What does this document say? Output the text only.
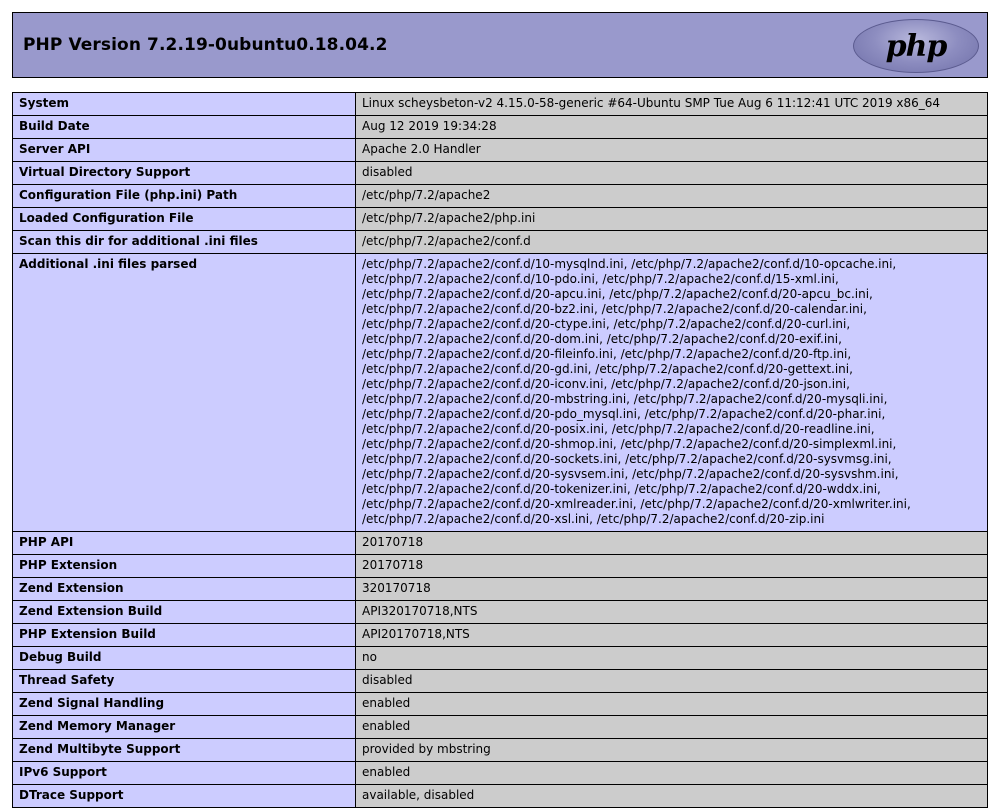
PHP Version 7.2.19-0ubuntu0.18.04.2	php
System	Linux scheysbeton-v2 4.15.0-58-generic #64-Ubuntu SMP Tue Aug 6 11:12:41 UTC 2019 x86_64
Build Date	Aug 12 2019 19:34:28
Server API	Apache 2.0 Handler
Virtual Directory Support	disabled
Configuration File (php.ini) Path	/etc/php/7.2/apache2
Loaded Configuration File	/etc/php/7.2/apache2/php.ini
Scan this dir for additional .ini files	/etc/php/7.2/apache2/conf.d
Additional .ini files parsed	/etc/php/7.2/apache2/conf.d/10-mysqlnd.ini, /etc/php/7.2/apache2/conf.d/10-opcache.ini, /etc/php/7.2/apache2/conf.d/10-pdo.ini, /etc/php/7.2/apache2/conf.d/15-xml.ini, /etc/php/7.2/apache2/conf.d/20-apcu.ini, /etc/php/7.2/apache2/conf.d/20-apcu_bc.ini, /etc/php/7.2/apache2/conf.d/20-bz2.ini, /etc/php/7.2/apache2/conf.d/20-calendar.ini, /etc/php/7.2/apache2/conf.d/20-ctype.ini, /etc/php/7.2/apache2/conf.d/20-curl.ini, /etc/php/7.2/apache2/conf.d/20-dom.ini, /etc/php/7.2/apache2/conf.d/20-exif.ini, /etc/php/7.2/apache2/conf.d/20-fileinfo.ini, /etc/php/7.2/apache2/conf.d/20-ftp.ini, /etc/php/7.2/apache2/conf.d/20-gd.ini, /etc/php/7.2/apache2/conf.d/20-gettext.ini, /etc/php/7.2/apache2/conf.d/20-iconv.ini, /etc/php/7.2/apache2/conf.d/20-json.ini, /etc/php/7.2/apache2/conf.d/20-mbstring.ini, /etc/php/7.2/apache2/conf.d/20-mysqli.ini, /etc/php/7.2/apache2/conf.d/20-pdo_mysql.ini, /etc/php/7.2/apache2/conf.d/20-phar.ini, /etc/php/7.2/apache2/conf.d/20-posix.ini, /etc/php/7.2/apache2/conf.d/20-readline.ini, /etc/php/7.2/apache2/conf.d/20-shmop.ini, /etc/php/7.2/apache2/conf.d/20-simplexml.ini, /etc/php/7.2/apache2/conf.d/20-sockets.ini, /etc/php/7.2/apache2/conf.d/20-sysvmsg.ini, /etc/php/7.2/apache2/conf.d/20-sysvsem.ini, /etc/php/7.2/apache2/conf.d/20-sysvshm.ini, /etc/php/7.2/apache2/conf.d/20-tokenizer.ini, /etc/php/7.2/apache2/conf.d/20-wddx.ini, /etc/php/7.2/apache2/conf.d/20-xmlreader.ini, /etc/php/7.2/apache2/conf.d/20-xmlwriter.ini, /etc/php/7.2/apache2/conf.d/20-xsl.ini, /etc/php/7.2/apache2/conf.d/20-zip.ini
PHP API	20170718
PHP Extension	20170718
Zend Extension	320170718
Zend Extension Build	API320170718,NTS
PHP Extension Build	API20170718,NTS
Debug Build	no
Thread Safety	disabled
Zend Signal Handling	enabled
Zend Memory Manager	enabled
Zend Multibyte Support	provided by mbstring
IPv6 Support	enabled
DTrace Support	available, disabled
